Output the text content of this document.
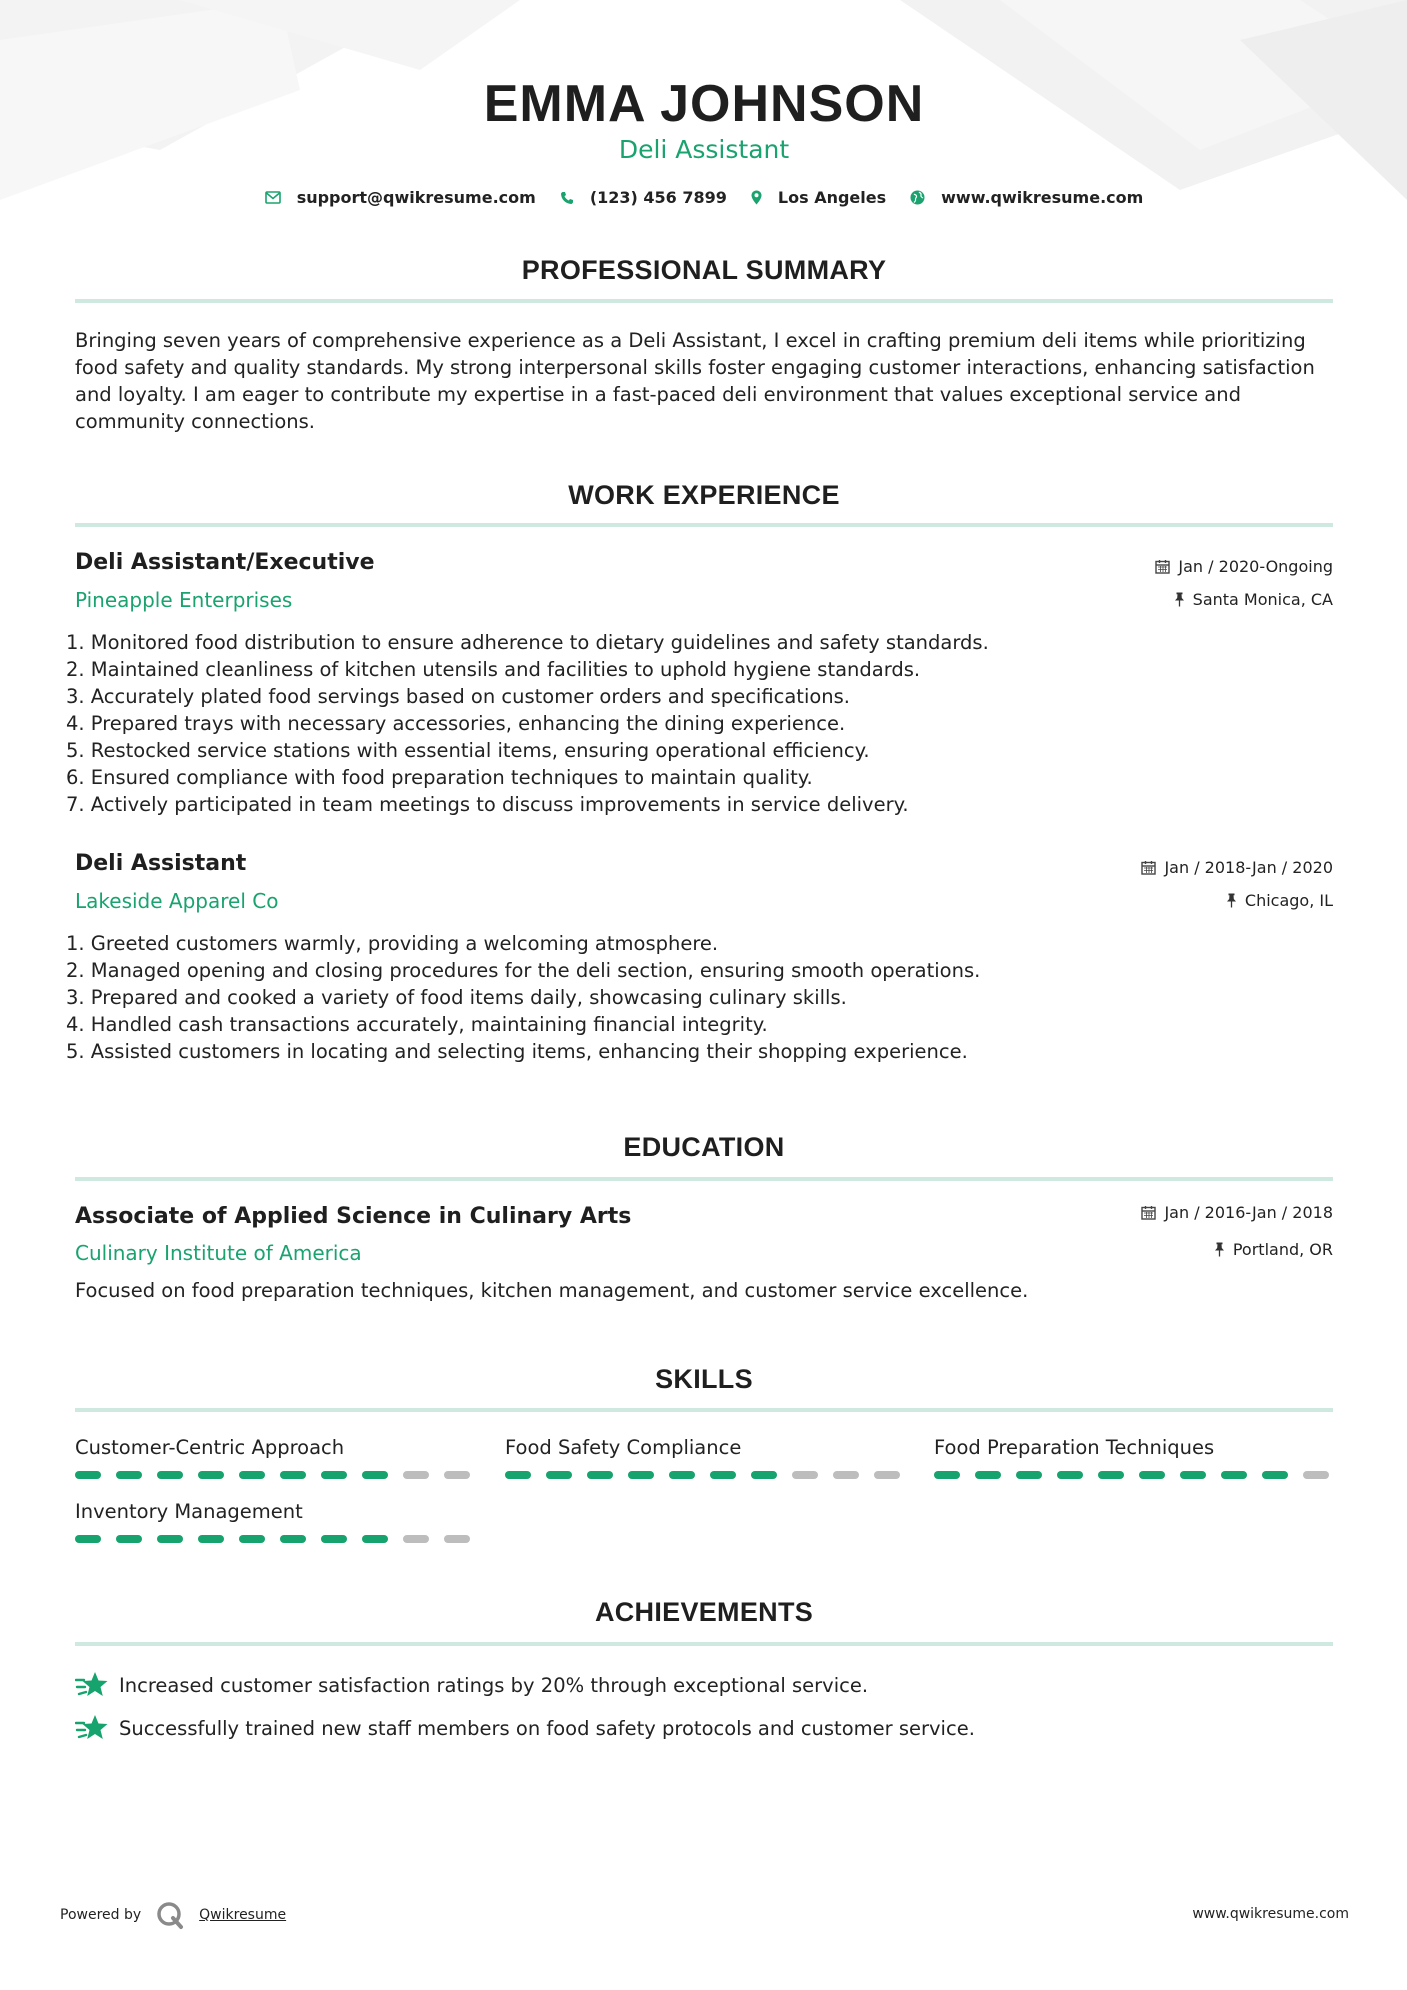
EMMA JOHNSON
Deli Assistant
support@qwikresume.com	(123) 456 7899	Los Angeles	www.qwikresume.com
PROFESSIONAL SUMMARY
Bringing seven years of comprehensive experience as a Deli Assistant, I excel in crafting premium deli items while prioritizing food safety and quality standards. My strong interpersonal skills foster engaging customer interactions, enhancing satisfaction and loyalty. I am eager to contribute my expertise in a fast-paced deli environment that values exceptional service and community connections.
WORK EXPERIENCE
Deli Assistant/Executive	Jan / 2020-Ongoing
Pineapple Enterprises	Santa Monica, CA
1. Monitored food distribution to ensure adherence to dietary guidelines and safety standards.
2. Maintained cleanliness of kitchen utensils and facilities to uphold hygiene standards.
3. Accurately plated food servings based on customer orders and specifications.
4. Prepared trays with necessary accessories, enhancing the dining experience.
5. Restocked service stations with essential items, ensuring operational efficiency.
6. Ensured compliance with food preparation techniques to maintain quality.
7. Actively participated in team meetings to discuss improvements in service delivery.
Deli Assistant	Jan / 2018-Jan / 2020
Lakeside Apparel Co	Chicago, IL
1. Greeted customers warmly, providing a welcoming atmosphere.
2. Managed opening and closing procedures for the deli section, ensuring smooth operations.
3. Prepared and cooked a variety of food items daily, showcasing culinary skills.
4. Handled cash transactions accurately, maintaining financial integrity.
5. Assisted customers in locating and selecting items, enhancing their shopping experience.
EDUCATION
Associate of Applied Science in Culinary Arts	Jan / 2016-Jan / 2018
Culinary Institute of America	Portland, OR
Focused on food preparation techniques, kitchen management, and customer service excellence.
SKILLS
Customer-Centric Approach	Food Safety Compliance	Food Preparation Techniques
Inventory Management
ACHIEVEMENTS
Increased customer satisfaction ratings by 20% through exceptional service.
Successfully trained new staff members on food safety protocols and customer service.
Powered by	Qwikresume	www.qwikresume.com
